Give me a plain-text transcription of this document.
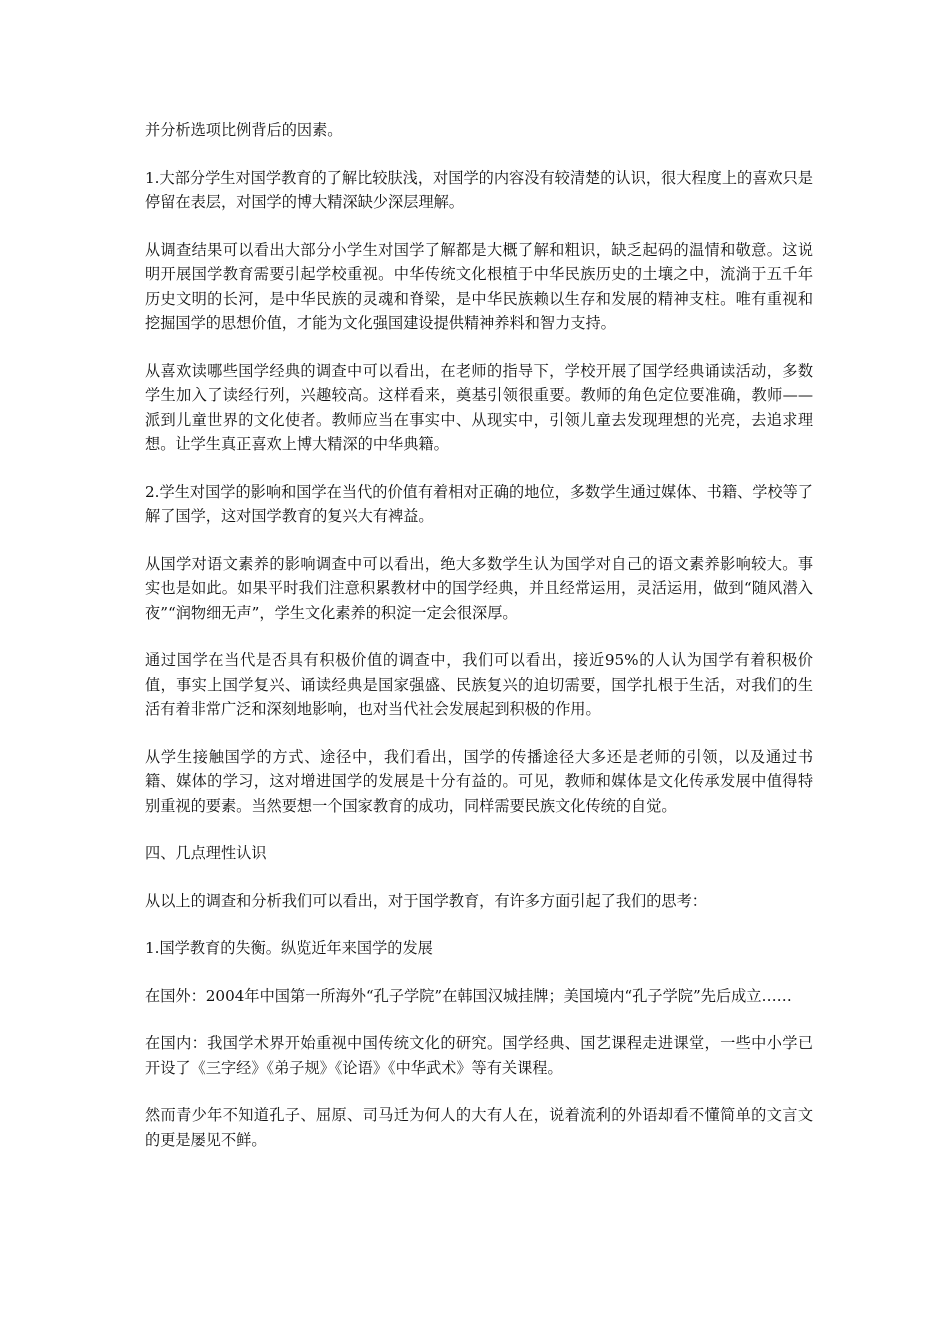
并分析选项比例背后的因素。

1.大部分学生对国学教育的了解比较肤浅，对国学的内容没有较清楚的认识，很大程度上的喜欢只是停留在表层，对国学的博大精深缺少深层理解。

从调查结果可以看出大部分小学生对国学了解都是大概了解和粗识，缺乏起码的温情和敬意。这说明开展国学教育需要引起学校重视。中华传统文化根植于中华民族历史的土壤之中，流淌于五千年历史文明的长河，是中华民族的灵魂和脊梁，是中华民族赖以生存和发展的精神支柱。唯有重视和挖掘国学的思想价值，才能为文化强国建设提供精神养料和智力支持。

从喜欢读哪些国学经典的调查中可以看出，在老师的指导下，学校开展了国学经典诵读活动，多数学生加入了读经行列，兴趣较高。这样看来，奠基引领很重要。教师的角色定位要准确，教师——派到儿童世界的文化使者。教师应当在事实中、从现实中，引领儿童去发现理想的光亮，去追求理想。让学生真正喜欢上博大精深的中华典籍。

2.学生对国学的影响和国学在当代的价值有着相对正确的地位，多数学生通过媒体、书籍、学校等了解了国学，这对国学教育的复兴大有裨益。

从国学对语文素养的影响调查中可以看出，绝大多数学生认为国学对自己的语文素养影响较大。事实也是如此。如果平时我们注意积累教材中的国学经典，并且经常运用，灵活运用，做到“随风潜入夜”“润物细无声”，学生文化素养的积淀一定会很深厚。

通过国学在当代是否具有积极价值的调查中，我们可以看出，接近95%的人认为国学有着积极价值，事实上国学复兴、诵读经典是国家强盛、民族复兴的迫切需要，国学扎根于生活，对我们的生活有着非常广泛和深刻地影响，也对当代社会发展起到积极的作用。

从学生接触国学的方式、途径中，我们看出，国学的传播途径大多还是老师的引领，以及通过书籍、媒体的学习，这对增进国学的发展是十分有益的。可见，教师和媒体是文化传承发展中值得特别重视的要素。当然要想一个国家教育的成功，同样需要民族文化传统的自觉。

四、几点理性认识

从以上的调查和分析我们可以看出，对于国学教育，有许多方面引起了我们的思考：

1.国学教育的失衡。纵览近年来国学的发展

在国外：2004年中国第一所海外“孔子学院”在韩国汉城挂牌；美国境内“孔子学院”先后成立……

在国内：我国学术界开始重视中国传统文化的研究。国学经典、国艺课程走进课堂，一些中小学已开设了《三字经》《弟子规》《论语》《中华武术》等有关课程。

然而青少年不知道孔子、屈原、司马迁为何人的大有人在，说着流利的外语却看不懂简单的文言文的更是屡见不鲜。
